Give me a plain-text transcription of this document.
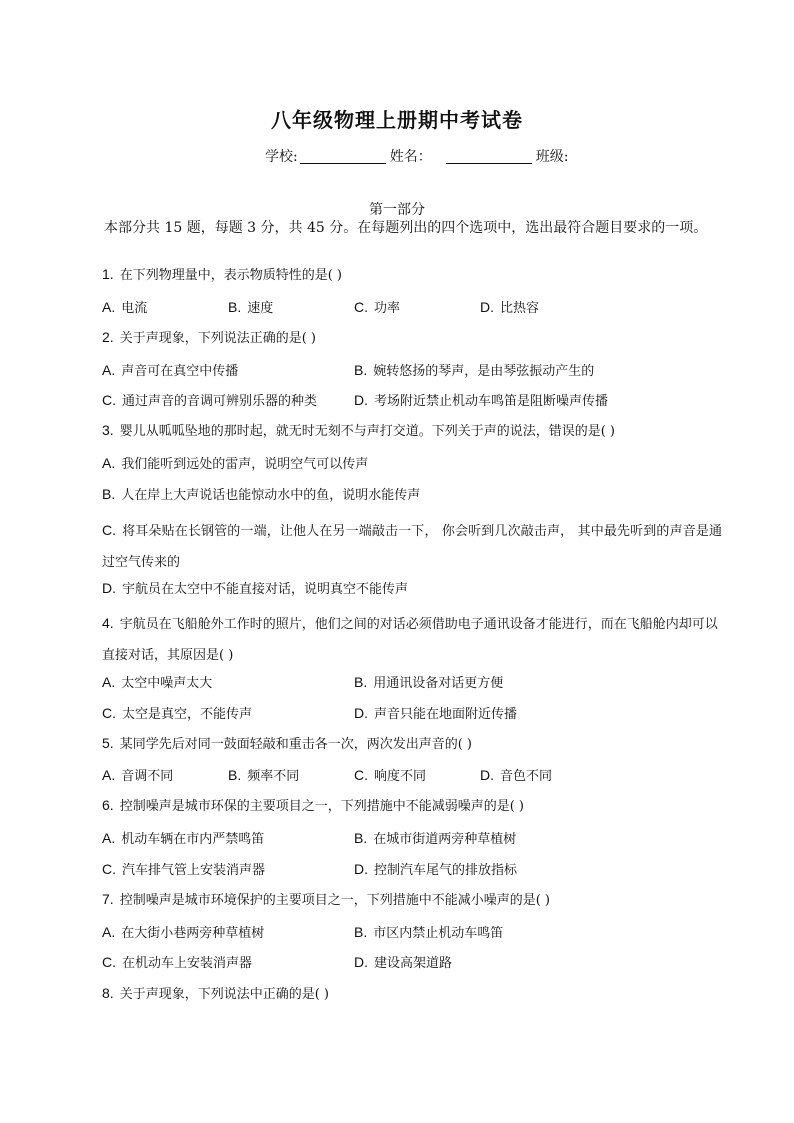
八年级物理上册期中考试卷
学校:	姓名：	班级:
第一部分
本部分共 15 题，每题 3 分，共 45 分。在每题列出的四个选项中，选出最符合题目要求的一项。
1. 在下列物理量中，表示物质特性的是( )
A. 电流	B. 速度	C. 功率	D. 比热容
2. 关于声现象，下列说法正确的是( )
A. 声音可在真空中传播	B. 婉转悠扬的琴声，是由琴弦振动产生的
C. 通过声音的音调可辨别乐器的种类	D. 考场附近禁止机动车鸣笛是阻断噪声传播
3. 婴儿从呱呱坠地的那时起，就无时无刻不与声打交道。下列关于声的说法，错误的是( )
A. 我们能听到远处的雷声，说明空气可以传声
B. 人在岸上大声说话也能惊动水中的鱼，说明水能传声
C. 将耳朵贴在长钢管的一端，让他人在另一端敲击一下， 你会听到几次敲击声， 其中最先听到的声音是通过空气传来的
D. 宇航员在太空中不能直接对话，说明真空不能传声
4. 宇航员在飞船舱外工作时的照片，他们之间的对话必须借助电子通讯设备才能进行，而在飞船舱内却可以直接对话，其原因是( )
A. 太空中噪声太大	B. 用通讯设备对话更方便
C. 太空是真空，不能传声	D. 声音只能在地面附近传播
5. 某同学先后对同一鼓面轻敲和重击各一次，两次发出声音的( )
A. 音调不同	B. 频率不同	C. 响度不同	D. 音色不同
6. 控制噪声是城市环保的主要项目之一，下列措施中不能减弱噪声的是( )
A. 机动车辆在市内严禁鸣笛	B. 在城市街道两旁种草植树
C. 汽车排气管上安装消声器	D. 控制汽车尾气的排放指标
7. 控制噪声是城市环境保护的主要项目之一，下列措施中不能减小噪声的是( )
A. 在大街小巷两旁种草植树	B. 市区内禁止机动车鸣笛
C. 在机动车上安装消声器	D. 建设高架道路
8. 关于声现象，下列说法中正确的是( )
